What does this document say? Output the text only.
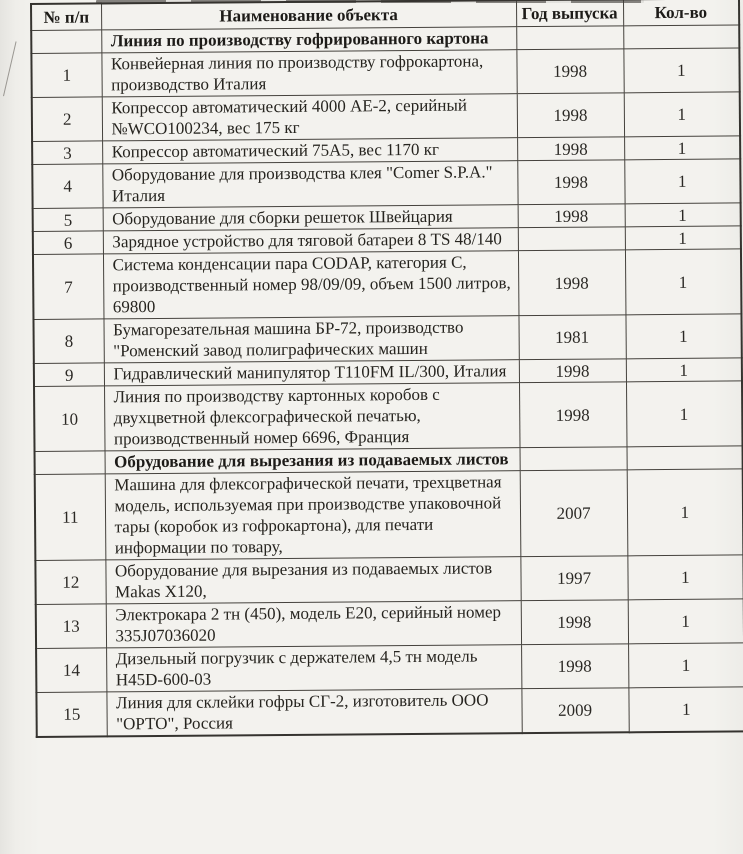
№ п/п	Наименование объекта	Год выпуска	Кол-во
	Линия по производству гофрированного картона		
1	Конвейерная линия по производству гофрокартона, производство Италия	1998	1
2	Копрессор автоматический 4000 АЕ-2, серийный №WCO100234, вес 175 кг	1998	1
3	Копрессор автоматический 75А5, вес 1170 кг	1998	1
4	Оборудование для производства клея "Comer S.P.A." Италия	1998	1
5	Оборудование для сборки решеток Швейцария	1998	1
6	Зарядное устройство для тяговой батареи 8 TS 48/140		1
7	Система конденсации пара CODAP, категория С, производственный номер 98/09/09, объем 1500 литров, 69800	1998	1
8	Бумагорезательная машина БР-72, производство "Роменский завод полиграфических машин	1981	1
9	Гидравлический манипулятор T110FM IL/300, Италия	1998	1
10	Линия по производству картонных коробов с двухцветной флексографической печатью, производственный номер 6696, Франция	1998	1
	Обрудование для вырезания из подаваемых листов		
11	Машина для флексографической печати, трехцветная модель, используемая при производстве упаковочной тары (коробок из гофрокартона), для печати информации по товару,	2007	1
12	Оборудование для вырезания из подаваемых листов Makas X120,	1997	1
13	Электрокара 2 тн (450), модель Е20, серийный номер 335J07036020	1998	1
14	Дизельный погрузчик с держателем 4,5 тн модель H45D-600-03	1998	1
15	Линия для склейки гофры СГ-2, изготовитель ООО "ОРТО", Россия	2009	1
